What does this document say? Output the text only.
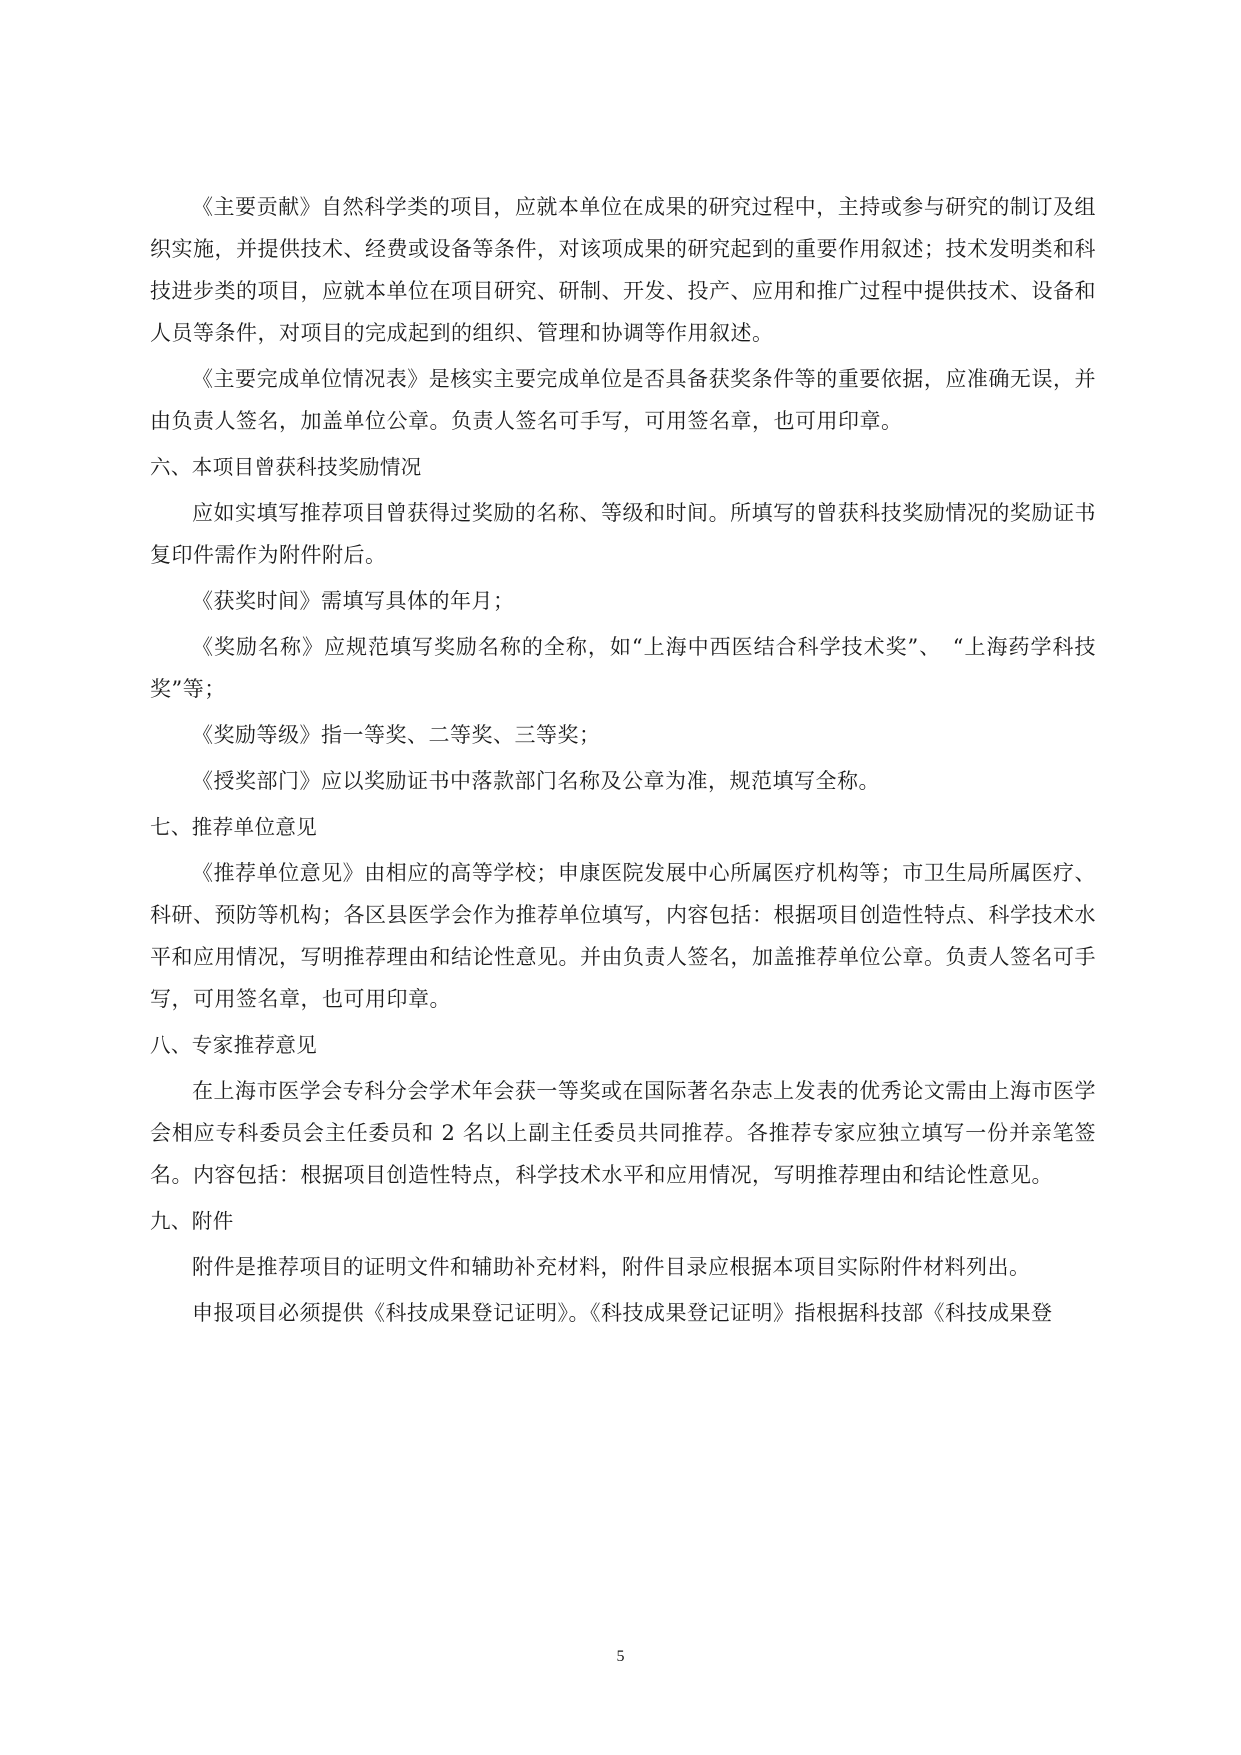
《主要贡献》自然科学类的项目，应就本单位在成果的研究过程中，主持或参与研究的制订及组织实施，并提供技术、经费或设备等条件，对该项成果的研究起到的重要作用叙述；技术发明类和科技进步类的项目，应就本单位在项目研究、研制、开发、投产、应用和推广过程中提供技术、设备和人员等条件，对项目的完成起到的组织、管理和协调等作用叙述。

《主要完成单位情况表》是核实主要完成单位是否具备获奖条件等的重要依据，应准确无误，并由负责人签名，加盖单位公章。负责人签名可手写，可用签名章，也可用印章。

六、本项目曾获科技奖励情况

应如实填写推荐项目曾获得过奖励的名称、等级和时间。所填写的曾获科技奖励情况的奖励证书复印件需作为附件附后。

《获奖时间》需填写具体的年月；

《奖励名称》应规范填写奖励名称的全称，如“上海中西医结合科学技术奖”、　“上海药学科技奖”等；

《奖励等级》指一等奖、二等奖、三等奖；

《授奖部门》应以奖励证书中落款部门名称及公章为准，规范填写全称。

七、推荐单位意见

《推荐单位意见》由相应的高等学校；申康医院发展中心所属医疗机构等；市卫生局所属医疗、科研、预防等机构；各区县医学会作为推荐单位填写，内容包括：根据项目创造性特点、科学技术水平和应用情况，写明推荐理由和结论性意见。并由负责人签名，加盖推荐单位公章。负责人签名可手写，可用签名章，也可用印章。

八、专家推荐意见

在上海市医学会专科分会学术年会获一等奖或在国际著名杂志上发表的优秀论文需由上海市医学会相应专科委员会主任委员和 2 名以上副主任委员共同推荐。各推荐专家应独立填写一份并亲笔签名。内容包括：根据项目创造性特点，科学技术水平和应用情况，写明推荐理由和结论性意见。

九、附件

附件是推荐项目的证明文件和辅助补充材料，附件目录应根据本项目实际附件材料列出。

申报项目必须提供《科技成果登记证明》。《科技成果登记证明》指根据科技部《科技成果登

5
